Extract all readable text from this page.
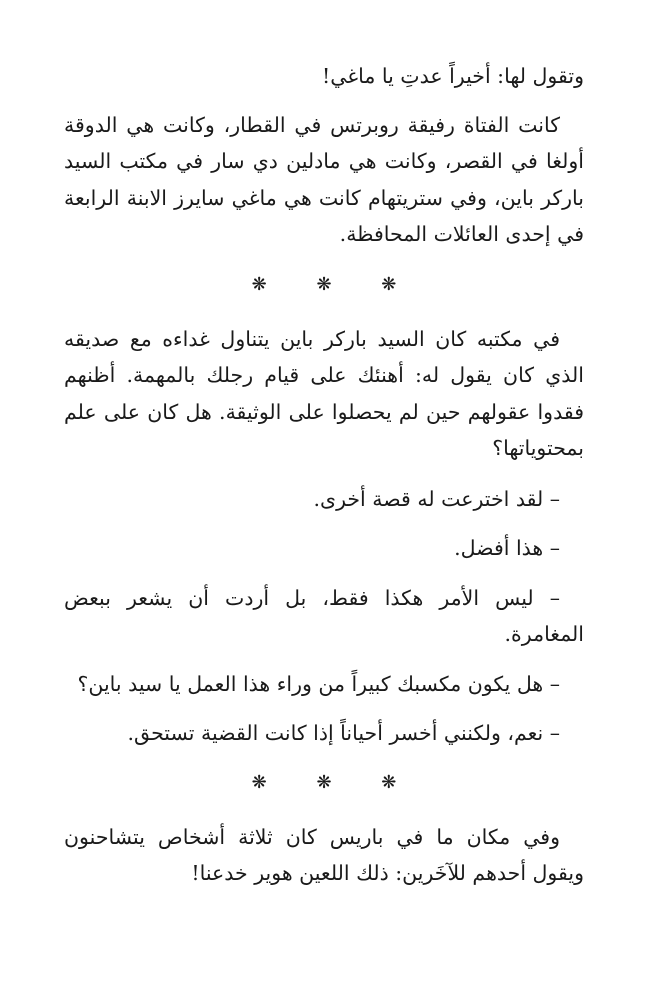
وتقول لها: أخيراً عدتِ يا ماغي!

كانت الفتاة رفيقة روبرتس في القطار، وكانت هي الدوقة أولغا في القصر، وكانت هي مادلين دي سار في مكتب السيد باركر باين، وفي ستريتهام كانت هي ماغي سايرز الابنة الرابعة في إحدى العائلات المحافظة.

❋ ❋ ❋

في مكتبه كان السيد باركر باين يتناول غداءه مع صديقه الذي كان يقول له: أهنئك على قيام رجلك بالمهمة. أظنهم فقدوا عقولهم حين لم يحصلوا على الوثيقة. هل كان على علم بمحتوياتها؟

– لقد اخترعت له قصة أخرى.

– هذا أفضل.

– ليس الأمر هكذا فقط، بل أردت أن يشعر ببعض المغامرة.

– هل يكون مكسبك كبيراً من وراء هذا العمل يا سيد باين؟

– نعم، ولكنني أخسر أحياناً إذا كانت القضية تستحق.

❋ ❋ ❋

وفي مكان ما في باريس كان ثلاثة أشخاص يتشاحنون ويقول أحدهم للآخَرين: ذلك اللعين هوير خدعنا!
